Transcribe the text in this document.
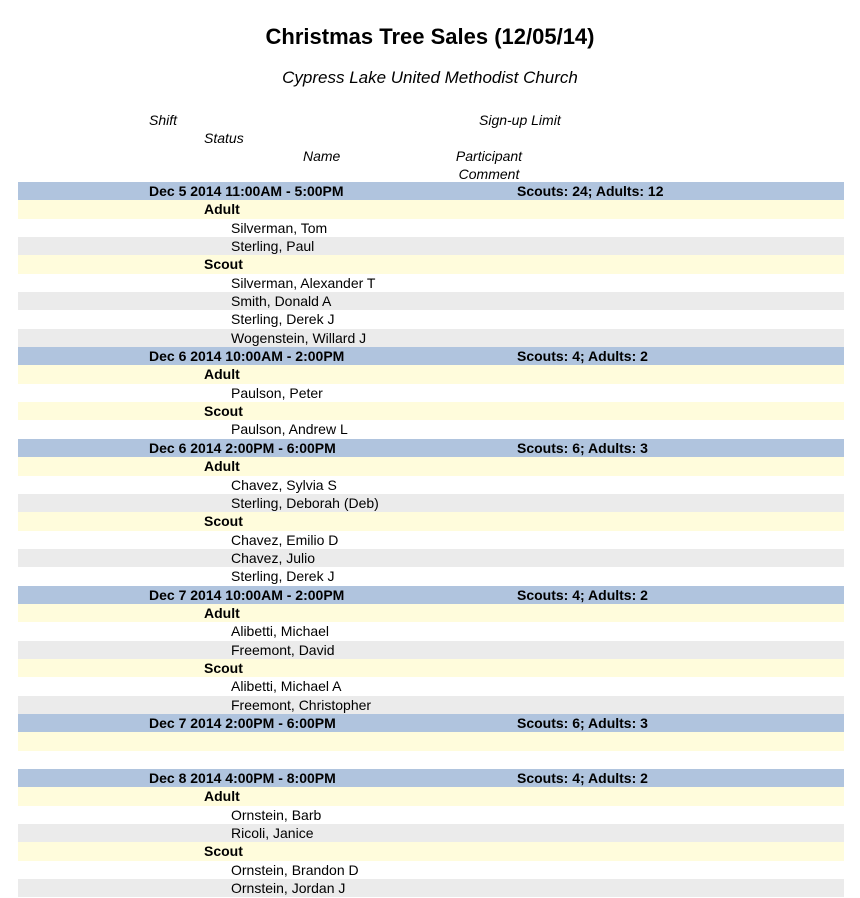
Christmas Tree Sales (12/05/14)
Cypress Lake United Methodist Church
Shift	Sign-up Limit
Status
Name	Participant
Comment
Dec 5 2014 11:00AM - 5:00PM	Scouts: 24; Adults: 12
Adult
Silverman, Tom
Sterling, Paul
Scout
Silverman, Alexander T
Smith, Donald A
Sterling, Derek J
Wogenstein, Willard J
Dec 6 2014 10:00AM - 2:00PM	Scouts: 4; Adults: 2
Adult
Paulson, Peter
Scout
Paulson, Andrew L
Dec 6 2014 2:00PM - 6:00PM	Scouts: 6; Adults: 3
Adult
Chavez, Sylvia S
Sterling, Deborah (Deb)
Scout
Chavez, Emilio D
Chavez, Julio
Sterling, Derek J
Dec 7 2014 10:00AM - 2:00PM	Scouts: 4; Adults: 2
Adult
Alibetti, Michael
Freemont, David
Scout
Alibetti, Michael A
Freemont, Christopher
Dec 7 2014 2:00PM - 6:00PM	Scouts: 6; Adults: 3
Dec 8 2014 4:00PM - 8:00PM	Scouts: 4; Adults: 2
Adult
Ornstein, Barb
Ricoli, Janice
Scout
Ornstein, Brandon D
Ornstein, Jordan J
